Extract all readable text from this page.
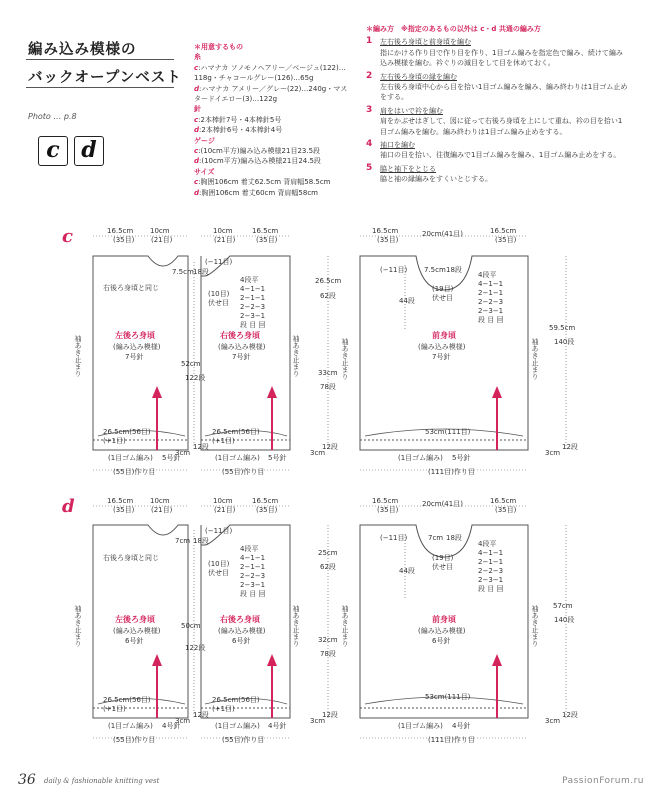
編み込み模様の
バックオープンベスト
Photo … p.8
c d
＊用意するもの
糸
c:ハマナカ ソノモノヘアリー／ベージュ(122)…118g・チャコールグレー(126)…65g
d:ハマナカ アメリー／グレー(22)…240g・マスタードイエロー(3)…122g
針
c:2本棒針7号・4本棒針5号
d:2本棒針6号・4本棒針4号
ゲージ
c:(10cm平方)編み込み模様21目23.5段
d:(10cm平方)編み込み模様21目24.5段
サイズ
c:胸囲106cm 着丈62.5cm 背肩幅58.5cm
d:胸囲106cm 着丈60cm 背肩幅58cm
＊編み方　※指定のあるもの以外は c・d 共通の編み方
1 左右後ろ身頃と前身頃を編む
指にかける作り目で作り目を作り、1目ゴム編みを指定色で編み、続けて編み込み模様を編む。衿ぐりの減目をして目を休めておく。
2 左右後ろ身頃の縁を編む
左右後ろ身頃中心から目を拾い1目ゴム編みを編み、編み終わりは1目ゴム止めをする。
3 肩をはいで衿を編む
肩をかぶせはぎして、図に従って右後ろ身頃を上にして重ね、衿の目を拾い1目ゴム編みを編む。編み終わりは1目ゴム編み止めをする。
4 袖口を編む
袖口の目を拾い、往復編みで1目ゴム編みを編み、1目ゴム編み止めをする。
5 脇と袖下をとじる
脇と袖の縁編みをすくいとじする。
c
d
16.5cm
(35目)
10cm
(21目)
右後ろ身頃と同じ
左後ろ身頃
(編み込み模様)
7号針
26.5cm(56目)
(+1目)
(1目ゴム編み) 5号針
(55目)作り目
袖あき止まり
10cm
(21目)
16.5cm
(35目)
(−11目)
7.5cm 18段
(10目)
伏せ目
4段平
4−1−1
2−1−1
2−2−3
2−3−1
段 目 回
右後ろ身頃
(編み込み模様)
7号針
52cm
122段
26.5cm(56目)
(+1目)
3cm
12段
(1目ゴム編み) 5号針
(55目)作り目
袖あき止まり
16.5cm
(35目)
20cm(41目)	16.5cm
(35目)
(−11目) 7.5cm 18段
(19目)
伏せ目
44段
4段平
4−1−1
2−1−1
2−2−3
2−3−1
段 目 回
前身頃
(編み込み模様)
7号針
53cm(111目)
(1目ゴム編み) 5号針
(111目)作り目
26.5cm
62段
33cm
78段
3cm
12段
59.5cm
140段
3cm
12段
袖あき止まり	袖あき止まり
16.5cm
(35目)
10cm
(21目)
右後ろ身頃と同じ
左後ろ身頃
(編み込み模様)
6号針
26.5cm(56目)
(+1目)
(1目ゴム編み) 4号針
(55目)作り目
袖あき止まり
10cm
(21目)
16.5cm
(35目)
(−11目)
7cm 18段
(10目)
伏せ目
4段平
4−1−1
2−1−1
2−2−3
2−3−1
段 目 回
右後ろ身頃
(編み込み模様)
6号針
50cm
122段
26.5cm(56目)
(+1目)
3cm
12段
(1目ゴム編み) 4号針
(55目)作り目
袖あき止まり
16.5cm
(35目)
20cm(41目)	16.5cm
(35目)
(−11目)	7cm 18段
(19目)
伏せ目
44段
4段平
4−1−1
2−1−1
2−2−3
2−3−1
段 目 回
前身頃
(編み込み模様)
6号針
53cm(111目)
(1目ゴム編み) 4号針
(111目)作り目
25cm
62段
32cm
78段
3cm
12段
57cm
140段
3cm
12段
袖あき止まり	袖あき止まり
36 daily & fashionable knitting vest	PassionForum.ru
